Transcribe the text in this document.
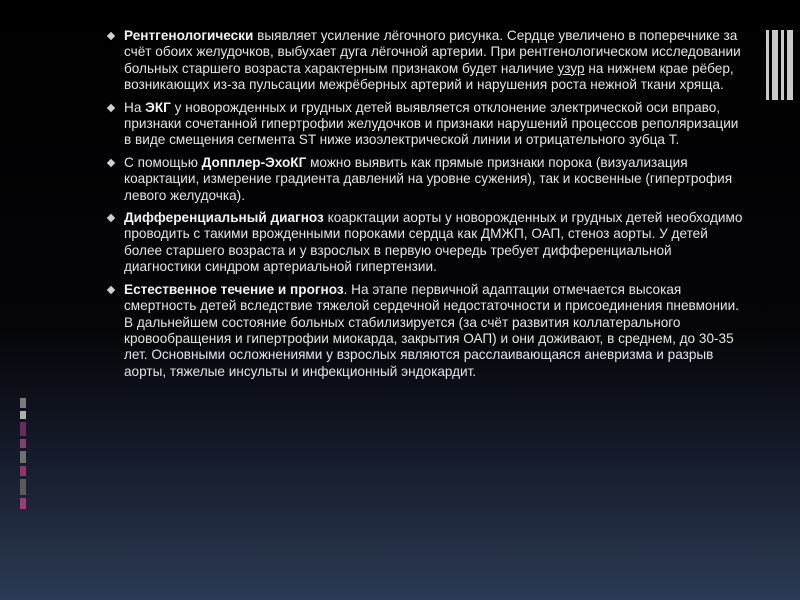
Рентгенологически выявляет усиление лёгочного рисунка. Сердце увеличено в поперечнике за счёт обоих желудочков, выбухает дуга лёгочной артерии. При рентгенологическом исследовании больных старшего возраста характерным признаком будет наличие узур на нижнем крае рёбер, возникающих из-за пульсации межрёберных артерий и нарушения роста нежной ткани хряща.
На ЭКГ у новорожденных и грудных детей выявляется отклонение электрической оси вправо, признаки сочетанной гипертрофии желудочков и признаки нарушений процессов реполяризации в виде смещения сегмента ST ниже изоэлектрической линии и отрицательного зубца Т.
С помощью Допплер-ЭхоКГ можно выявить как прямые признаки порока (визуализация коарктации, измерение градиента давлений на уровне сужения), так и косвенные (гипертрофия левого желудочка).
Дифференциальный диагноз коарктации аорты у новорожденных и грудных детей необходимо проводить с такими врожденными пороками сердца как ДМЖП, ОАП, стеноз аорты. У детей более старшего возраста и у взрослых в первую очередь требует дифференциальной диагностики синдром артериальной гипертензии.
Естественное течение и прогноз. На этапе первичной адаптации отмечается высокая смертность детей вследствие тяжелой сердечной недостаточности и присоединения пневмонии. В дальнейшем состояние больных стабилизируется (за счёт развития коллатерального кровообращения и гипертрофии миокарда, закрытия ОАП) и они доживают, в среднем, до 30-35 лет. Основными осложнениями у взрослых являются расслаивающаяся аневризма и разрыв аорты, тяжелые инсульты и инфекционный эндокардит.
